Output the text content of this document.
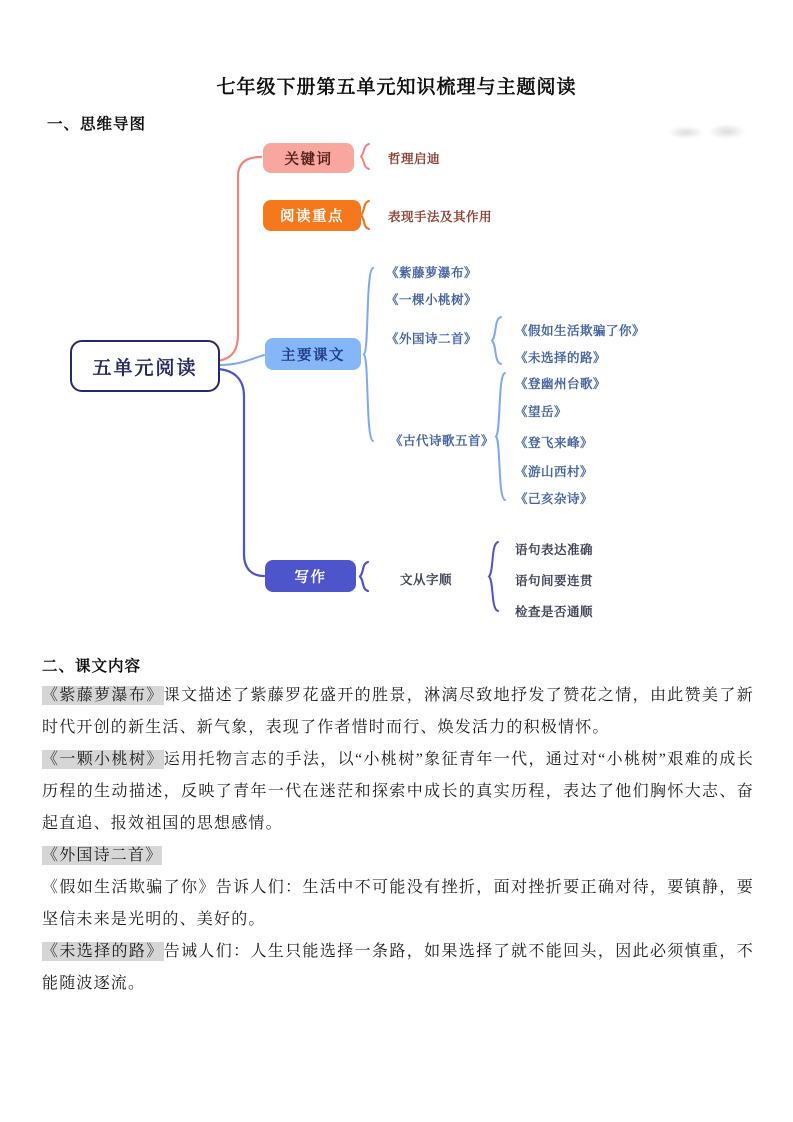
七年级下册第五单元知识梳理与主题阅读
一、思维导图
五单元阅读
关键词
阅读重点
主要课文
写作
哲理启迪
表现手法及其作用
《紫藤萝瀑布》
《一棵小桃树》
《外国诗二首》
《古代诗歌五首》
《假如生活欺骗了你》
《未选择的路》
《登幽州台歌》
《望岳》
《登飞来峰》
《游山西村》
《己亥杂诗》
文从字顺
语句表达准确
语句间要连贯
检查是否通顺
二、课文内容

《紫藤萝瀑布》课文描述了紫藤罗花盛开的胜景，淋漓尽致地抒发了赞花之情，由此赞美了新时代开创的新生活、新气象，表现了作者惜时而行、焕发活力的积极情怀。

《一颗小桃树》运用托物言志的手法，以“小桃树”象征青年一代，通过对“小桃树”艰难的成长历程的生动描述，反映了青年一代在迷茫和探索中成长的真实历程，表达了他们胸怀大志、奋起直追、报效祖国的思想感情。

《外国诗二首》

《假如生活欺骗了你》告诉人们：生活中不可能没有挫折，面对挫折要正确对待，要镇静，要坚信未来是光明的、美好的。

《未选择的路》告诫人们：人生只能选择一条路，如果选择了就不能回头，因此必须慎重，不能随波逐流。
